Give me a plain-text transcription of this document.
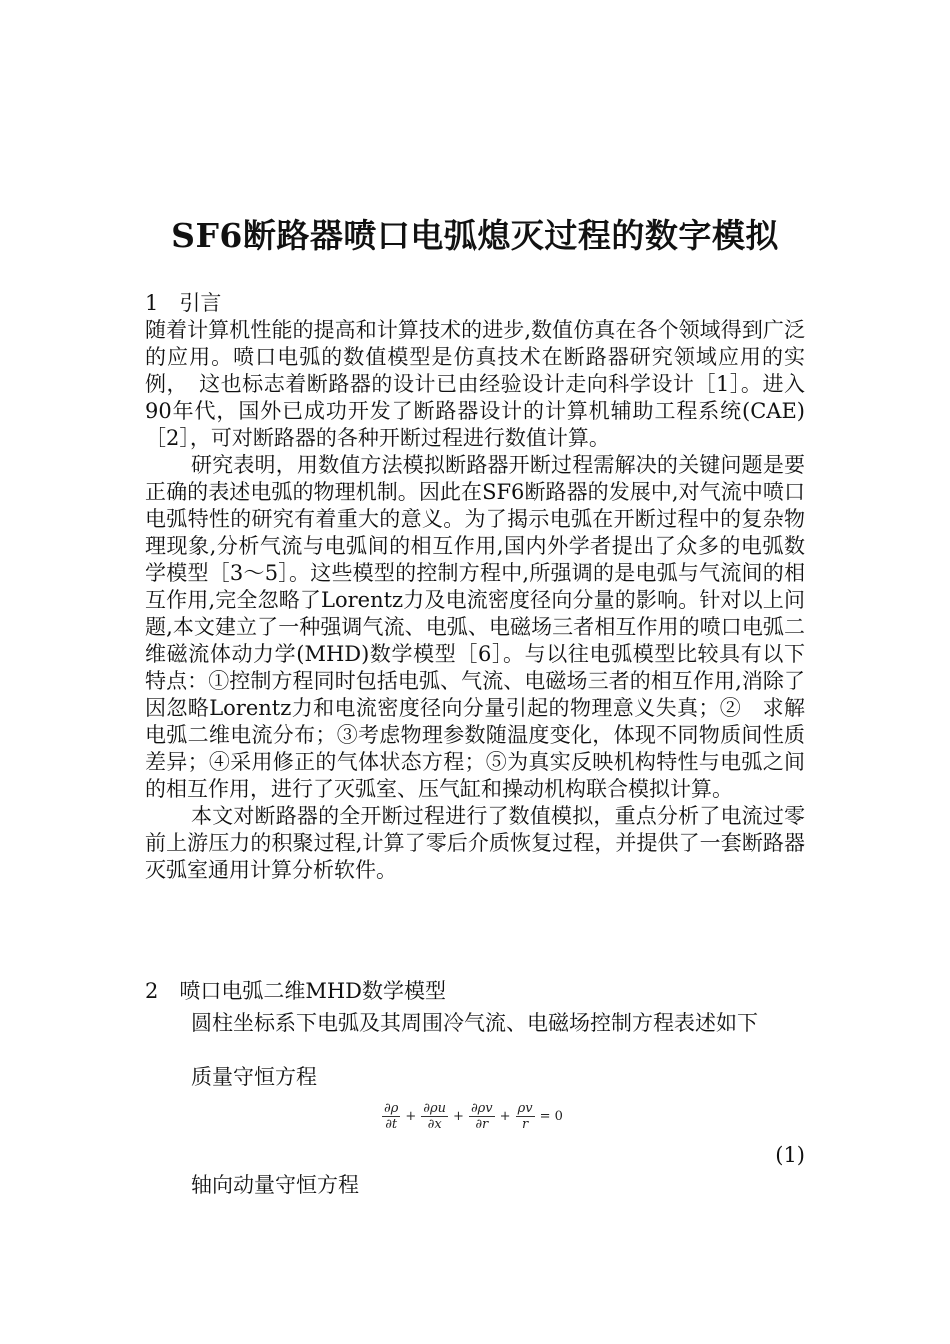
SF6断路器喷口电弧熄灭过程的数字模拟
1　引言

随着计算机性能的提高和计算技术的进步,数值仿真在各个领域得到广泛的应用。喷口电弧的数值模型是仿真技术在断路器研究领域应用的实例，　这也标志着断路器的设计已由经验设计走向科学设计［1］。进入90年代，国外已成功开发了断路器设计的计算机辅助工程系统(CAE)［2］，可对断路器的各种开断过程进行数值计算。

研究表明，用数值方法模拟断路器开断过程需解决的关键问题是要正确的表述电弧的物理机制。因此在SF6断路器的发展中,对气流中喷口电弧特性的研究有着重大的意义。为了揭示电弧在开断过程中的复杂物理现象,分析气流与电弧间的相互作用,国内外学者提出了众多的电弧数学模型［3～5］。这些模型的控制方程中,所强调的是电弧与气流间的相互作用,完全忽略了Lorentz力及电流密度径向分量的影响。针对以上问题,本文建立了一种强调气流、电弧、电磁场三者相互作用的喷口电弧二维磁流体动力学(MHD)数学模型［6］。与以往电弧模型比较具有以下特点：①控制方程同时包括电弧、气流、电磁场三者的相互作用,消除了因忽略Lorentz力和电流密度径向分量引起的物理意义失真；②　求解电弧二维电流分布；③考虑物理参数随温度变化，体现不同物质间性质差异；④采用修正的气体状态方程；⑤为真实反映机构特性与电弧之间的相互作用，进行了灭弧室、压气缸和操动机构联合模拟计算。

本文对断路器的全开断过程进行了数值模拟，重点分析了电流过零前上游压力的积聚过程,计算了零后介质恢复过程，并提供了一套断路器灭弧室通用计算分析软件。

2　喷口电弧二维MHD数学模型

圆柱坐标系下电弧及其周围冷气流、电磁场控制方程表述如下

质量守恒方程
$\frac{\partial\rho}{\partial t} + \frac{\partial\rho u}{\partial x} + \frac{\partial\rho v}{\partial r} + \frac{\rho v}{r} = 0$
(1)
轴向动量守恒方程
